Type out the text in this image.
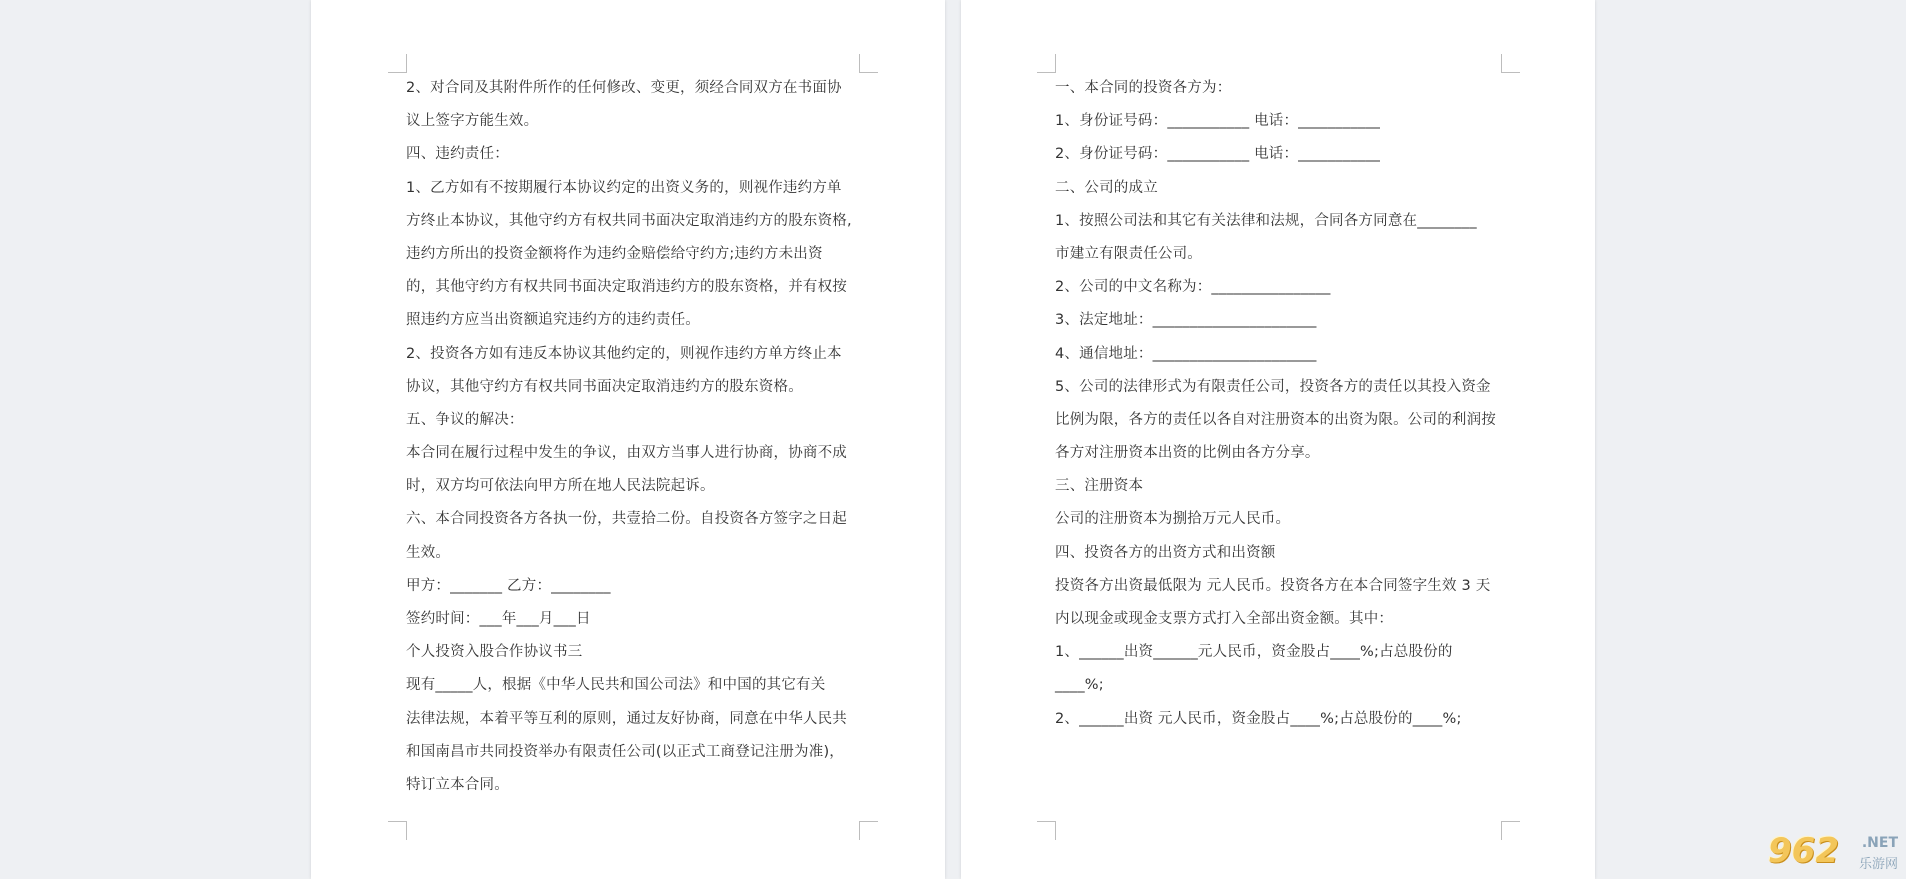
2、对合同及其附件所作的任何修改、变更，须经合同双方在书面协
议上签字方能生效。
四、违约责任：
1、乙方如有不按期履行本协议约定的出资义务的，则视作违约方单
方终止本协议，其他守约方有权共同书面决定取消违约方的股东资格,
违约方所出的投资金额将作为违约金赔偿给守约方;违约方未出资
的，其他守约方有权共同书面决定取消违约方的股东资格，并有权按
照违约方应当出资额追究违约方的违约责任。
2、投资各方如有违反本协议其他约定的，则视作违约方单方终止本
协议，其他守约方有权共同书面决定取消违约方的股东资格。
五、争议的解决：
本合同在履行过程中发生的争议，由双方当事人进行协商，协商不成
时，双方均可依法向甲方所在地人民法院起诉。
六、本合同投资各方各执一份，共壹拾二份。自投资各方签字之日起
生效。
甲方：_______ 乙方：________
签约时间：___年___月___日
个人投资入股合作协议书三
现有_____人，根据《中华人民共和国公司法》和中国的其它有关
法律法规，本着平等互利的原则，通过友好协商，同意在中华人民共
和国南昌市共同投资举办有限责任公司(以正式工商登记注册为准)，
特订立本合同。
一、本合同的投资各方为：
1、身份证号码：___________ 电话：___________
2、身份证号码：___________ 电话：___________
二、公司的成立
1、按照公司法和其它有关法律和法规，合同各方同意在________
市建立有限责任公司。
2、公司的中文名称为：________________
3、法定地址：______________________
4、通信地址：______________________
5、公司的法律形式为有限责任公司，投资各方的责任以其投入资金
比例为限，各方的责任以各自对注册资本的出资为限。公司的利润按
各方对注册资本出资的比例由各方分享。
三、注册资本
公司的注册资本为捌拾万元人民币。
四、投资各方的出资方式和出资额
投资各方出资最低限为 元人民币。投资各方在本合同签字生效 3 天
内以现金或现金支票方式打入全部出资金额。其中：
1、______出资______元人民币，资金股占____%;占总股份的
____%;
2、______出资 元人民币，资金股占____%;占总股份的____%;
962 .NET
乐游网
